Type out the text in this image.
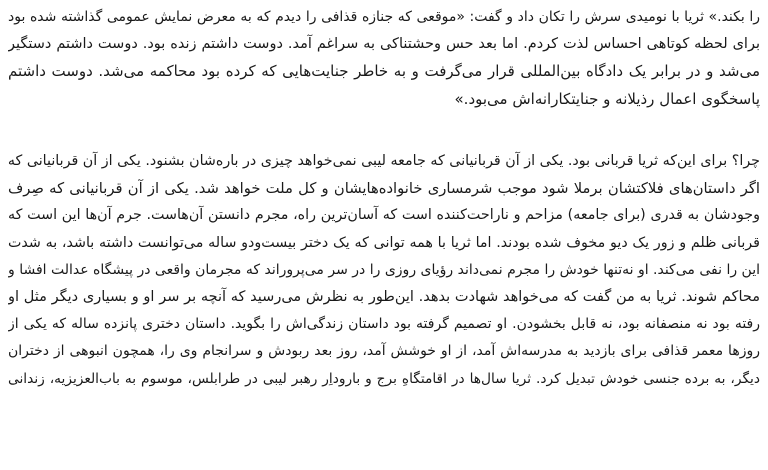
را بکند.» ثریا با نومیدی سرش را تکان داد و گفت: «موقعی که جنازه قذافی را دیدم که به معرض نمایش عمومی گذاشته شده بود
برای لحظه کوتاهی احساس لذت کردم. اما بعد حس وحشتناکی به سراغم آمد. دوست داشتم زنده بود. دوست داشتم دستگیر
می‌شد و در برابر یک دادگاه بین‌المللی قرار می‌گرفت و به خاطر جنایت‌هایی که کرده بود محاکمه می‌شد. دوست داشتم
پاسخگوی اعمال رذیلانه و جنایتکارانه‌اش می‌بود.»
چرا؟ برای این‌که ثریا قربانی بود. یکی از آن قربانیانی که جامعه لیبی نمی‌خواهد چیزی در باره‌شان بشنود. یکی از آن قربانیانی که
اگر داستان‌های فلاکتشان برملا شود موجب شرمساری خانواده‌هایشان و کل ملت خواهد شد. یکی از آن قربانیانی که صِرف
وجودشان به قدری (برای جامعه) مزاحم و ناراحت‌کننده است که آسان‌ترین راه، مجرم دانستن آن‌هاست. جرم آن‌ها این است که
قربانی ظلم و زور یک دیو مخوف شده بودند. اما ثریا با همه توانی که یک دختر بیست‌ودو ساله می‌توانست داشته باشد، به شدت
این را نفی می‌کند. او نه‌تنها خودش را مجرم نمی‌داند رؤیای روزی را در سر می‌پروراند که مجرمان واقعی در پیشگاه عدالت افشا و
محاکم شوند. ثریا به من گفت که می‌خواهد شهادت بدهد. این‌طور به نظرش می‌رسید که آنچه بر سر او و بسیاری دیگر مثل او
رفته بود نه منصفانه بود، نه قابل بخشودن. او تصمیم گرفته بود داستان زندگی‌اش را بگوید. داستان دختری پانزده ساله که یکی از
روزها معمر قذافی برای بازدید به مدرسه‌اش آمد، از او خوشش آمد، روز بعد ربودش و سرانجام وی را، همچون انبوهی از دختران
دیگر، به برده جنسی خودش تبدیل کرد. ثریا سال‌ها در اقامتگاهِ برج و باروداِر رهبر لیبی در طرابلس، موسوم به باب‌العزیزیه، زندانی
